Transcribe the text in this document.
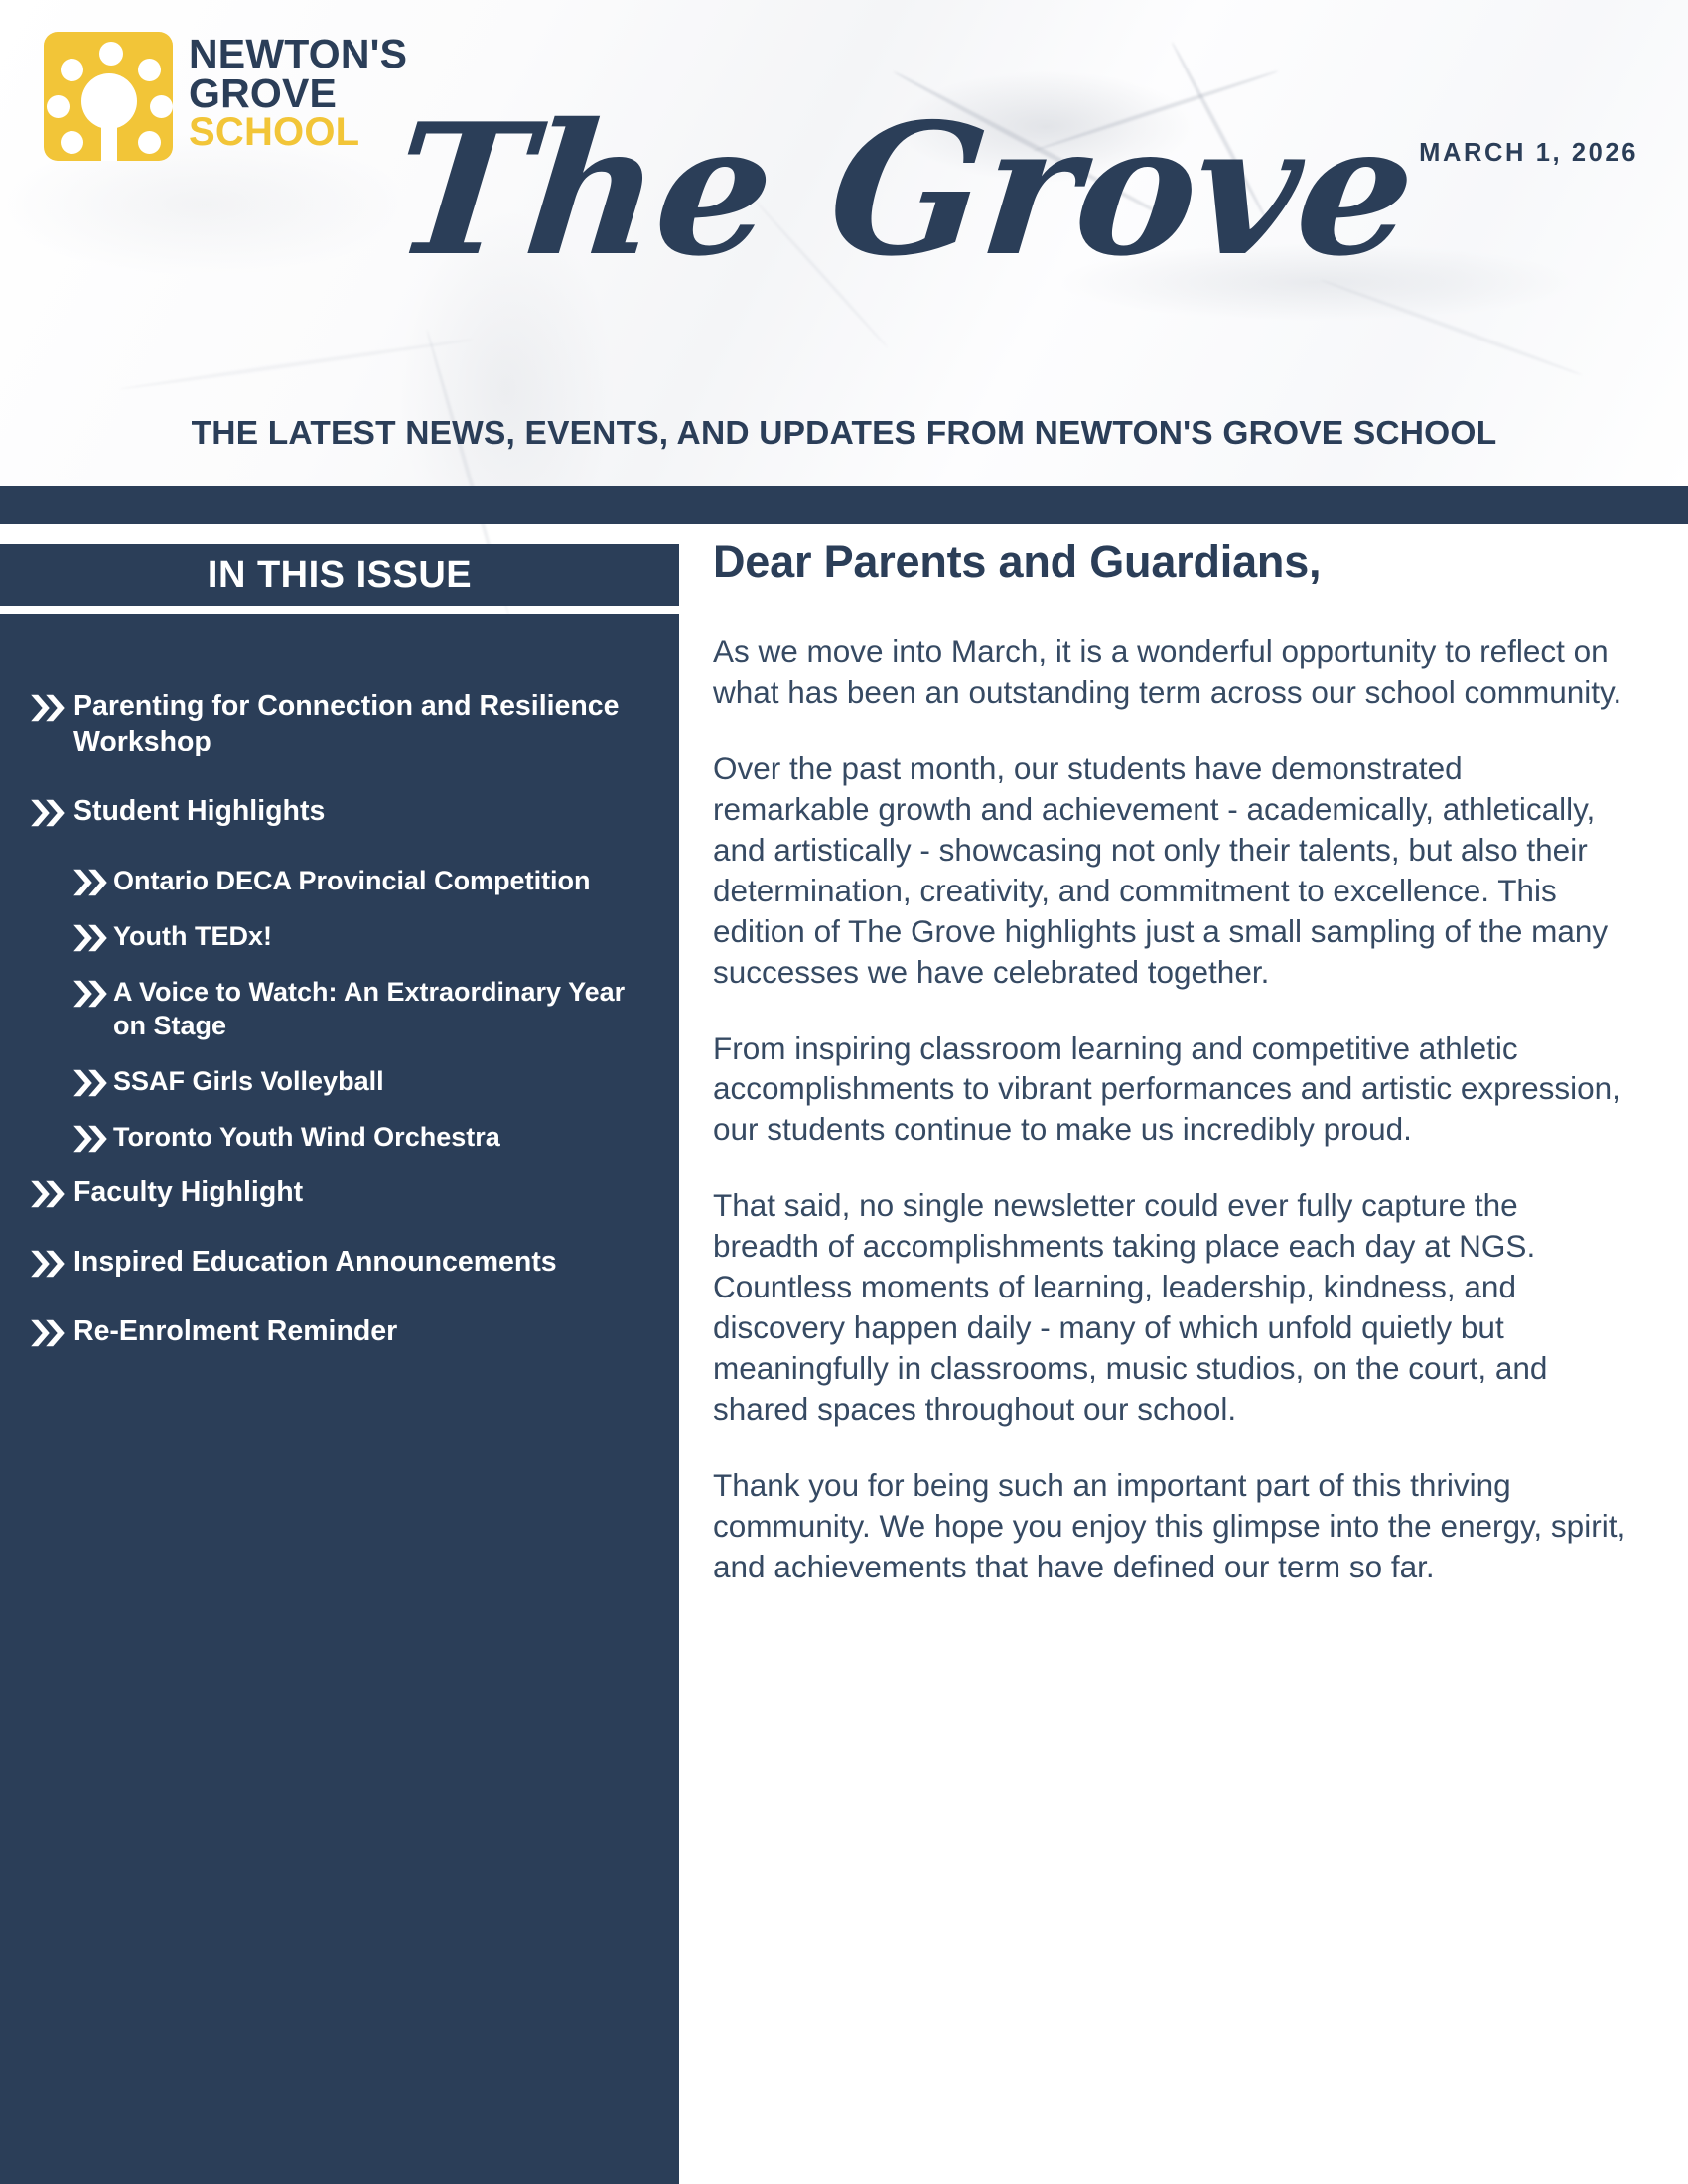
NEWTON'S
GROVE
SCHOOL	MARCH 1, 2026
The Grove
THE LATEST NEWS, EVENTS, AND UPDATES FROM NEWTON'S GROVE SCHOOL
IN THIS ISSUE
Parenting for Connection and Resilience Workshop
Student Highlights
Ontario DECA Provincial Competition
Youth TEDx!
A Voice to Watch: An Extraordinary Year on Stage
SSAF Girls Volleyball
Toronto Youth Wind Orchestra
Faculty Highlight
Inspired Education Announcements
Re-Enrolment Reminder
Dear Parents and Guardians,

As we move into March, it is a wonderful opportunity to reflect on what has been an outstanding term across our school community.

Over the past month, our students have demonstrated remarkable growth and achievement - academically, athletically, and artistically - showcasing not only their talents, but also their determination, creativity, and commitment to excellence. This edition of The Grove highlights just a small sampling of the many successes we have celebrated together.

From inspiring classroom learning and competitive athletic accomplishments to vibrant performances and artistic expression, our students continue to make us incredibly proud.

That said, no single newsletter could ever fully capture the breadth of accomplishments taking place each day at NGS. Countless moments of learning, leadership, kindness, and discovery happen daily - many of which unfold quietly but meaningfully in classrooms, music studios, on the court, and shared spaces throughout our school.

Thank you for being such an important part of this thriving community. We hope you enjoy this glimpse into the energy, spirit, and achievements that have defined our term so far.
